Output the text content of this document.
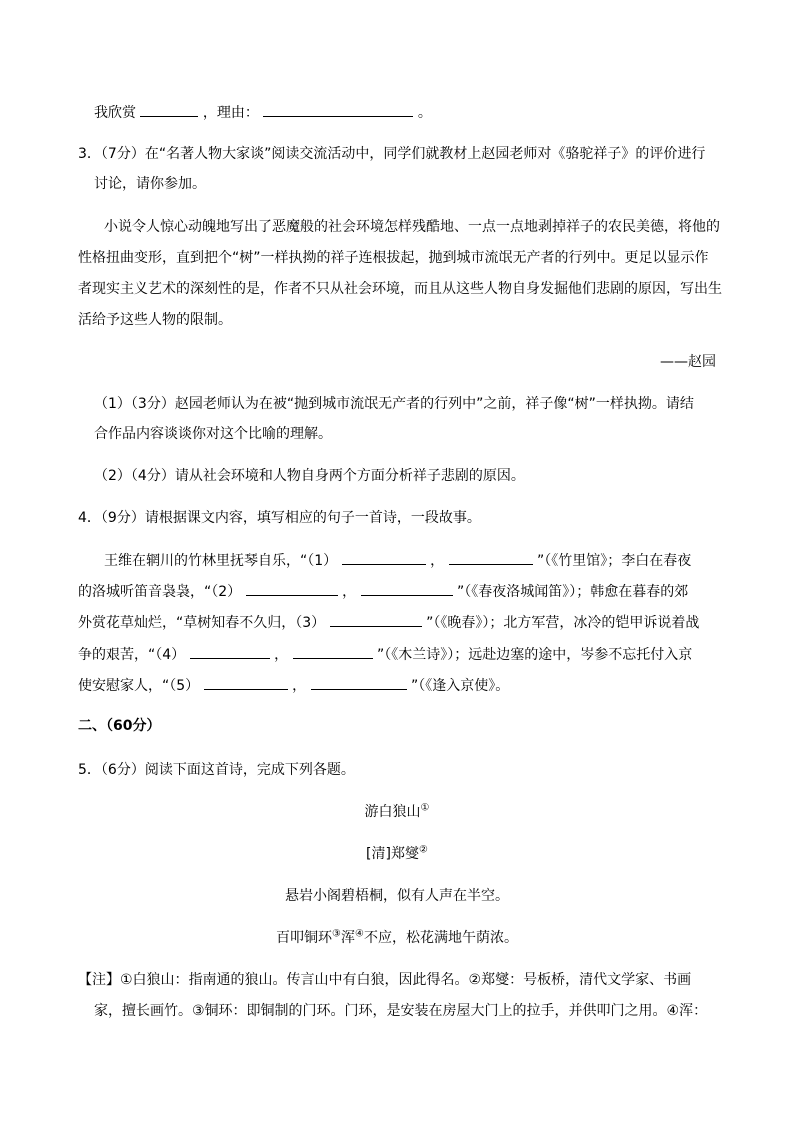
我欣赏	，理由：	。
3．（7分）在“名著人物大家谈”阅读交流活动中，同学们就教材上赵园老师对《骆驼祥子》的评价进行
讨论，请你参加。
小说令人惊心动魄地写出了恶魔般的社会环境怎样残酷地、一点一点地剥掉祥子的农民美德，将他的
性格扭曲变形，直到把个“树”一样执拗的祥子连根拔起，抛到城市流氓无产者的行列中。更足以显示作
者现实主义艺术的深刻性的是，作者不只从社会环境，而且从这些人物自身发掘他们悲剧的原因，写出生
活给予这些人物的限制。
——赵园
（1）（3分）赵园老师认为在被“抛到城市流氓无产者的行列中”之前，祥子像“树”一样执拗。请结
合作品内容谈谈你对这个比喻的理解。
（2）（4分）请从社会环境和人物自身两个方面分析祥子悲剧的原因。
4．（9分）请根据课文内容，填写相应的句子一首诗，一段故事。
王维在辋川的竹林里抚琴自乐，“（1）	，	”（《竹里馆》；李白在春夜
的洛城听笛音袅袅，“（2）	，	”（《春夜洛城闻笛》）；韩愈在暮春的郊
外赏花草灿烂，“草树知春不久归，（3）	”（《晚春》）；北方军营，冰冷的铠甲诉说着战
争的艰苦，“（4）	，	”（《木兰诗》）；远赴边塞的途中，岑参不忘托付入京
使安慰家人，“（5）	，	”（《逢入京使》。
二、（60分）
5．（6分）阅读下面这首诗，完成下列各题。
游白狼山①
[清]郑燮②
悬岩小阁碧梧桐，似有人声在半空。
百叩铜环③浑④不应，松花满地午荫浓。
【注】①白狼山：指南通的狼山。传言山中有白狼，因此得名。②郑燮：号板桥，清代文学家、书画
家，擅长画竹。③铜环：即铜制的门环。门环，是安装在房屋大门上的拉手，并供叩门之用。④浑：
